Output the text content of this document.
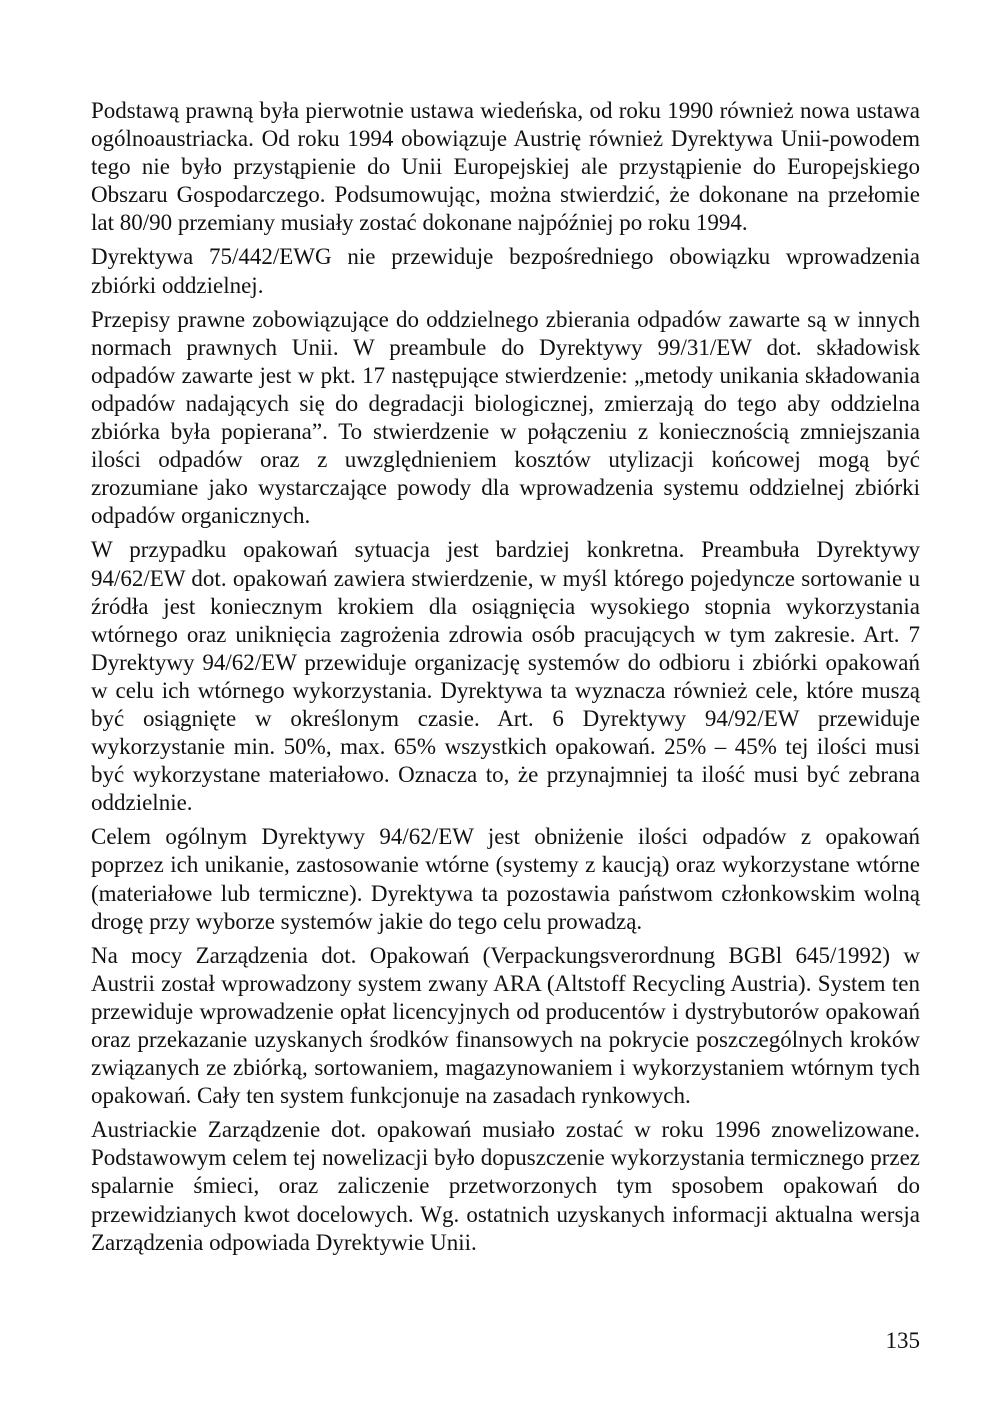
Podstawą prawną była pierwotnie ustawa wiedeńska, od roku 1990 również nowa ustawa ogólnoaustriacka. Od roku 1994 obowiązuje Austrię również Dyrektywa Unii-powodem tego nie było przystąpienie do Unii Europejskiej ale przystąpienie do Europejskiego Obszaru Gospodarczego. Podsumowując, można stwierdzić, że dokonane na przełomie lat 80/90 przemiany musiały zostać dokonane najpóźniej po roku 1994.

Dyrektywa 75/442/EWG nie przewiduje bezpośredniego obowiązku wprowadzenia zbiórki oddzielnej.

Przepisy prawne zobowiązujące do oddzielnego zbierania odpadów zawarte są w innych normach prawnych Unii. W preambule do Dyrektywy 99/31/EW dot. składowisk odpadów zawarte jest w pkt. 17 następujące stwierdzenie: „metody unikania składowania odpadów nadających się do degradacji biologicznej, zmierzają do tego aby oddzielna zbiórka była popierana”. To stwierdzenie w połączeniu z koniecznością zmniejszania ilości odpadów oraz z uwzględnieniem kosztów utylizacji końcowej mogą być zrozumiane jako wystarczające powody dla wprowadzenia systemu oddzielnej zbiórki odpadów organicznych.

W przypadku opakowań sytuacja jest bardziej konkretna. Preambuła Dyrektywy 94/62/EW dot. opakowań zawiera stwierdzenie, w myśl którego pojedyncze sortowanie u źródła jest koniecznym krokiem dla osiągnięcia wysokiego stopnia wykorzystania wtórnego oraz uniknięcia zagrożenia zdrowia osób pracujących w tym zakresie. Art. 7 Dyrektywy 94/62/EW przewiduje organizację systemów do odbioru i zbiórki opakowań w celu ich wtórnego wykorzystania. Dyrektywa ta wyznacza również cele, które muszą być osiągnięte w określonym czasie. Art. 6 Dyrektywy 94/92/EW przewiduje wykorzystanie min. 50%, max. 65% wszystkich opakowań. 25% – 45% tej ilości musi być wykorzystane materiałowo. Oznacza to, że przynajmniej ta ilość musi być zebrana oddzielnie.

Celem ogólnym Dyrektywy 94/62/EW jest obniżenie ilości odpadów z opakowań poprzez ich unikanie, zastosowanie wtórne (systemy z kaucją) oraz wykorzystane wtórne (materiałowe lub termiczne). Dyrektywa ta pozostawia państwom członkowskim wolną drogę przy wyborze systemów jakie do tego celu prowadzą.

Na mocy Zarządzenia dot. Opakowań (Verpackungsverordnung BGBl 645/1992) w Austrii został wprowadzony system zwany ARA (Altstoff Recycling Austria). System ten przewiduje wprowadzenie opłat licencyjnych od producentów i dystrybutorów opakowań oraz przekazanie uzyskanych środków finansowych na pokrycie poszczególnych kroków związanych ze zbiórką, sortowaniem, magazynowaniem i wykorzystaniem wtórnym tych opakowań. Cały ten system funkcjonuje na zasadach rynkowych.

Austriackie Zarządzenie dot. opakowań musiało zostać w roku 1996 znowelizowane. Podstawowym celem tej nowelizacji było dopuszczenie wykorzystania termicznego przez spalarnie śmieci, oraz zaliczenie przetworzonych tym sposobem opakowań do przewidzianych kwot docelowych. Wg. ostatnich uzyskanych informacji aktualna wersja Zarządzenia odpowiada Dyrektywie Unii.

135
